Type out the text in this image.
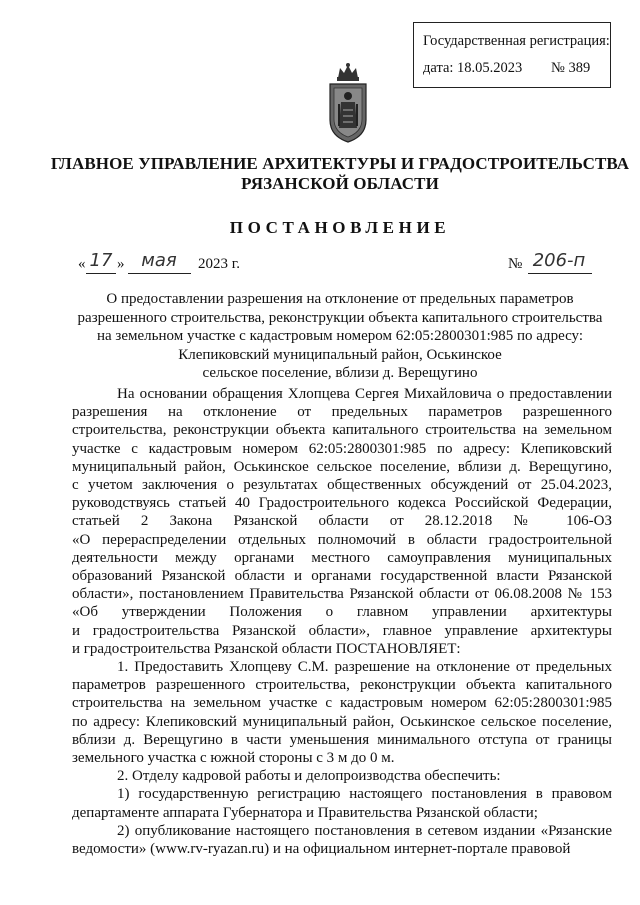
Государственная регистрация:
дата: 18.05.2023 № 389
ГЛАВНОЕ УПРАВЛЕНИЕ АРХИТЕКТУРЫ И ГРАДОСТРОИТЕЛЬСТВА
РЯЗАНСКОЙ ОБЛАСТИ
ПОСТАНОВЛЕНИЕ
« 17 » мая	2023 г.	№ 206-п
О предоставлении разрешения на отклонение от предельных параметров
разрешенного строительства, реконструкции объекта капитального строительства
на земельном участке с кадастровым номером 62:05:2800301:985 по адресу:
Клепиковский муниципальный район, Оськинское
сельское поселение, вблизи д. Верещугино

На основании обращения Хлопцева Сергея Михайловича о предоставлении
разрешения на отклонение от предельных параметров разрешенного
строительства, реконструкции объекта капитального строительства на земельном
участке с кадастровым номером 62:05:2800301:985 по адресу: Клепиковский
муниципальный район, Оськинское сельское поселение, вблизи д. Верещугино,
с учетом заключения о результатах общественных обсуждений от 25.04.2023,
руководствуясь статьей 40 Градостроительного кодекса Российской Федерации,
статьей 2 Закона Рязанской области от 28.12.2018 № 106-ОЗ
«О перераспределении отдельных полномочий в области градостроительной
деятельности между органами местного самоуправления муниципальных
образований Рязанской области и органами государственной власти Рязанской
области», постановлением Правительства Рязанской области от 06.08.2008 № 153
«Об утверждении Положения о главном управлении архитектуры
и градостроительства Рязанской области», главное управление архитектуры
и градостроительства Рязанской области ПОСТАНОВЛЯЕТ:

1. Предоставить Хлопцеву С.М. разрешение на отклонение от предельных
параметров разрешенного строительства, реконструкции объекта капитального
строительства на земельном участке с кадастровым номером 62:05:2800301:985
по адресу: Клепиковский муниципальный район, Оськинское сельское поселение,
вблизи д. Верещугино в части уменьшения минимального отступа от границы
земельного участка с южной стороны с 3 м до 0 м.

2. Отделу кадровой работы и делопроизводства обеспечить:

1) государственную регистрацию настоящего постановления в правовом
департаменте аппарата Губернатора и Правительства Рязанской области;

2) опубликование настоящего постановления в сетевом издании «Рязанские
ведомости» (www.rv-ryazan.ru) и на официальном интернет-портале правовой
